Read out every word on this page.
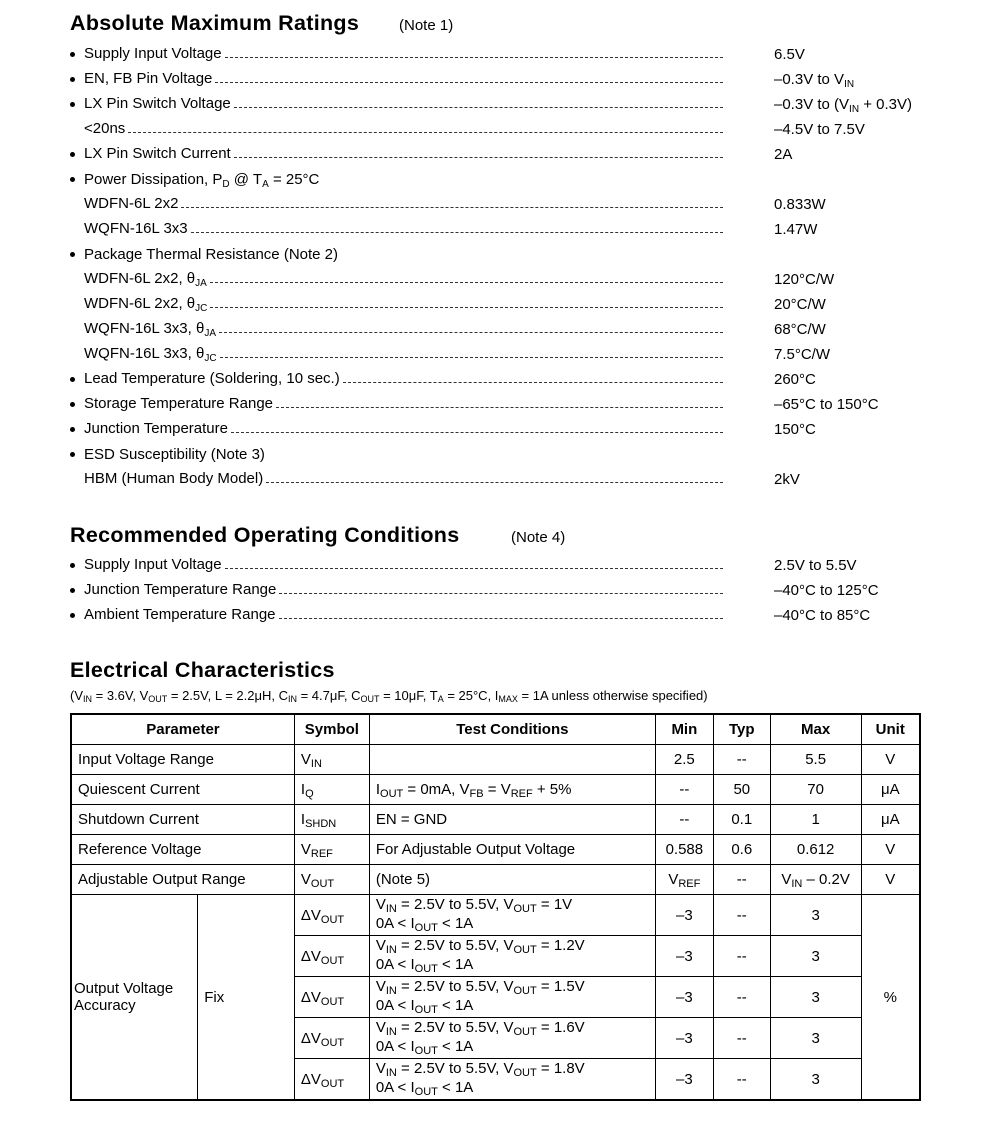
Absolute Maximum Ratings	(Note 1)
Supply Input Voltage	6.5V
EN, FB Pin Voltage	–0.3V to $V_{IN}$
LX Pin Switch Voltage	–0.3V to $(V_{IN} + 0.3V)$
<20ns	–4.5V to 7.5V
LX Pin Switch Current	2A
Power Dissipation, $P_D$ @ $T_A = 25^\circ C$
WDFN-6L 2x2	0.833W
WQFN-16L 3x3	1.47W
Package Thermal Resistance (Note 2)
WDFN-6L 2x2, $\theta_{JA}$	120°C/W
WDFN-6L 2x2, $\theta_{JC}$	20°C/W
WQFN-16L 3x3, $\theta_{JA}$	68°C/W
WQFN-16L 3x3, $\theta_{JC}$	7.5°C/W
Lead Temperature (Soldering, 10 sec.)	260°C
Storage Temperature Range	–65°C to 150°C
Junction Temperature	150°C
ESD Susceptibility (Note 3)
HBM (Human Body Model)	2kV
Recommended Operating Conditions	(Note 4)
Supply Input Voltage	2.5V to 5.5V
Junction Temperature Range	–40°C to 125°C
Ambient Temperature Range	–40°C to 85°C
Electrical Characteristics
($V_{IN} = 3.6V$, $V_{OUT} = 2.5V$, L = 2.2μH, $C_{IN} = 4.7\mu F$, $C_{OUT} = 10\mu F$, $T_A = 25^\circ C$, $I_{MAX} = 1A$ unless otherwise specified)
Parameter		Symbol	Test Conditions	Min	Typ	Max	Unit
Input Voltage Range		$V_{IN}$		2.5	--	5.5	V
Quiescent Current		$I_Q$	$I_{OUT} = 0mA$, $V_{FB} = V_{REF} + 5\%$	--	50	70	μA
Shutdown Current		$I_{SHDN}$	EN = GND	--	0.1	1	μA
Reference Voltage		$V_{REF}$	For Adjustable Output Voltage	0.588	0.6	0.612	V
Adjustable Output Range		$V_{OUT}$	(Note 5)	$V_{REF}$	--	$V_{IN} - 0.2V$	V
Output Voltage Accuracy	Fix	$\Delta V_{OUT}$	$V_{IN} = 2.5V$ to 5.5V, $V_{OUT} = 1V$
$0A < I_{OUT} < 1A$	–3	--	3	%
		$\Delta V_{OUT}$	$V_{IN} = 2.5V$ to 5.5V, $V_{OUT} = 1.2V$
$0A < I_{OUT} < 1A$	–3	--	3	
		$\Delta V_{OUT}$	$V_{IN} = 2.5V$ to 5.5V, $V_{OUT} = 1.5V$
$0A < I_{OUT} < 1A$	–3	--	3	
		$\Delta V_{OUT}$	$V_{IN} = 2.5V$ to 5.5V, $V_{OUT} = 1.6V$
$0A < I_{OUT} < 1A$	–3	--	3	
		$\Delta V_{OUT}$	$V_{IN} = 2.5V$ to 5.5V, $V_{OUT} = 1.8V$
$0A < I_{OUT} < 1A$	–3	--	3	
